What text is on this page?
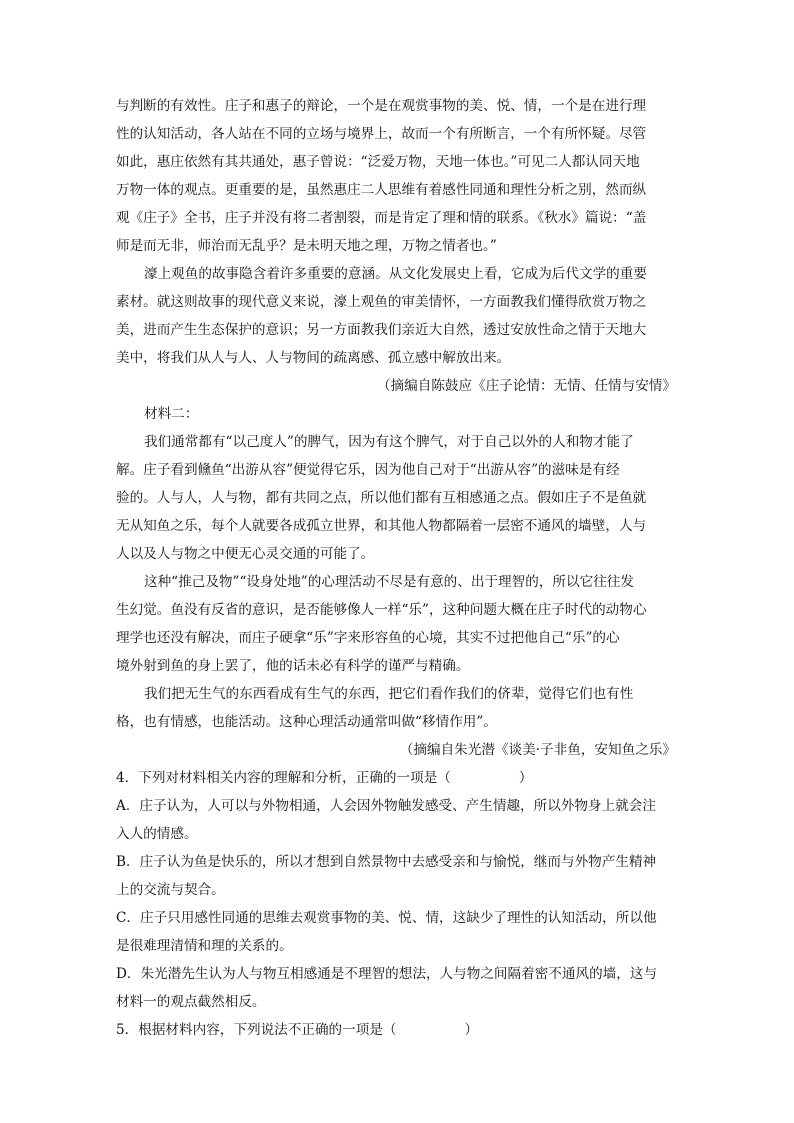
与判断的有效性。庄子和惠子的辩论，一个是在观赏事物的美、悦、情，一个是在进行理
性的认知活动，各人站在不同的立场与境界上，故而一个有所断言，一个有所怀疑。尽管
如此，惠庄依然有其共通处，惠子曾说：“泛爱万物，天地一体也。”可见二人都认同天地
万物一体的观点。更重要的是，虽然惠庄二人思维有着感性同通和理性分析之别，然而纵
观《庄子》全书，庄子并没有将二者割裂，而是肯定了理和情的联系。《秋水》篇说：“盖
师是而无非，师治而无乱乎？是未明天地之理，万物之情者也。”
濠上观鱼的故事隐含着许多重要的意涵。从文化发展史上看，它成为后代文学的重要
素材。就这则故事的现代意义来说，濠上观鱼的审美情怀，一方面教我们懂得欣赏万物之
美，进而产生生态保护的意识；另一方面教我们亲近大自然，透过安放性命之情于天地大
美中，将我们从人与人、人与物间的疏离感、孤立感中解放出来。
（摘编自陈鼓应《庄子论情：无情、任情与安情》
材料二：
我们通常都有“以己度人”的脾气，因为有这个脾气，对于自己以外的人和物才能了
解。庄子看到儵鱼“出游从容”便觉得它乐，因为他自己对于“出游从容”的滋味是有经
验的。人与人，人与物，都有共同之点，所以他们都有互相感通之点。假如庄子不是鱼就
无从知鱼之乐，每个人就要各成孤立世界，和其他人物都隔着一层密不通风的墙壁，人与
人以及人与物之中便无心灵交通的可能了。
这种“推己及物”“设身处地”的心理活动不尽是有意的、出于理智的，所以它往往发
生幻觉。鱼没有反省的意识，是否能够像人一样“乐”，这种问题大概在庄子时代的动物心
理学也还没有解决，而庄子硬拿“乐”字来形容鱼的心境，其实不过把他自己“乐”的心
境外射到鱼的身上罢了，他的话未必有科学的谨严与精确。
我们把无生气的东西看成有生气的东西，把它们看作我们的侪辈，觉得它们也有性
格，也有情感，也能活动。这种心理活动通常叫做“移情作用”。
（摘编自朱光潜《谈美·子非鱼，安知鱼之乐》
4．下列对材料相关内容的理解和分析，正确的一项是（　　　　　）
A．庄子认为，人可以与外物相通，人会因外物触发感受、产生情趣，所以外物身上就会注
入人的情感。
B．庄子认为鱼是快乐的，所以才想到自然景物中去感受亲和与愉悦，继而与外物产生精神
上的交流与契合。
C．庄子只用感性同通的思维去观赏事物的美、悦、情，这缺少了理性的认知活动，所以他
是很难理清情和理的关系的。
D．朱光潜先生认为人与物互相感通是不理智的想法，人与物之间隔着密不通风的墙，这与
材料一的观点截然相反。
5．根据材料内容，下列说法不正确的一项是（　　　　　）
